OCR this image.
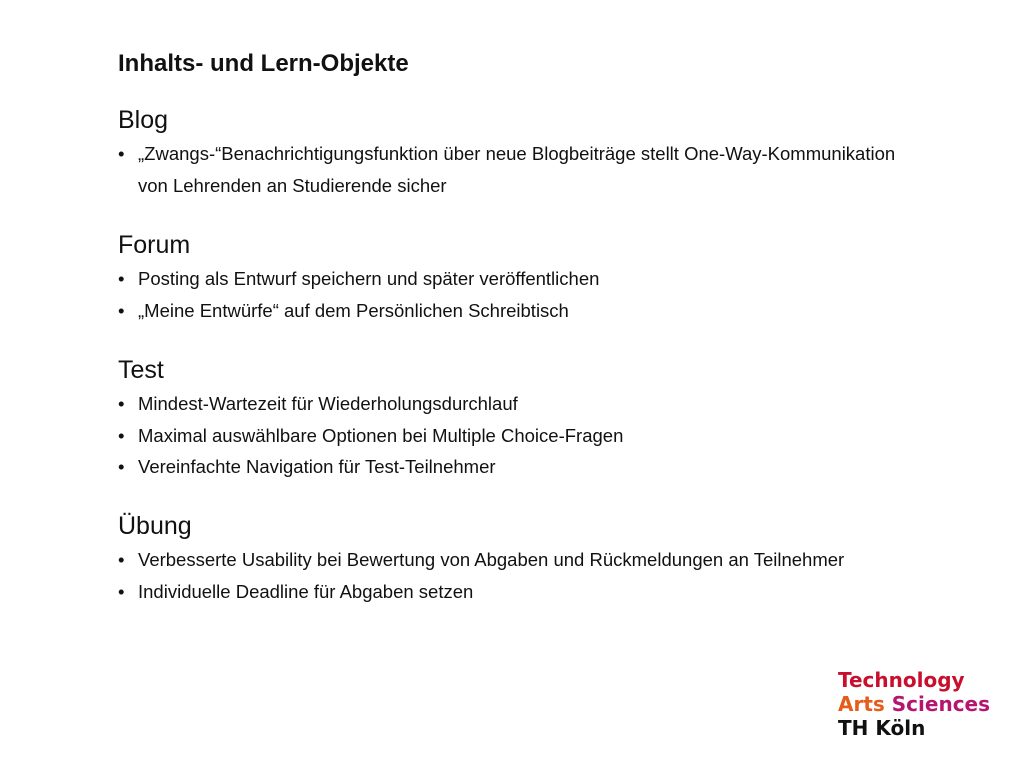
Inhalts- und Lern-Objekte
Blog
• „Zwangs-“Benachrichtigungsfunktion über neue Blogbeiträge stellt One-Way-Kommunikation von Lehrenden an Studierende sicher
Forum
• Posting als Entwurf speichern und später veröffentlichen
• „Meine Entwürfe“ auf dem Persönlichen Schreibtisch
Test
• Mindest-Wartezeit für Wiederholungsdurchlauf
• Maximal auswählbare Optionen bei Multiple Choice-Fragen
• Vereinfachte Navigation für Test-Teilnehmer
Übung
• Verbesserte Usability bei Bewertung von Abgaben und Rückmeldungen an Teilnehmer
• Individuelle Deadline für Abgaben setzen
Technology
Arts Sciences
TH Köln
